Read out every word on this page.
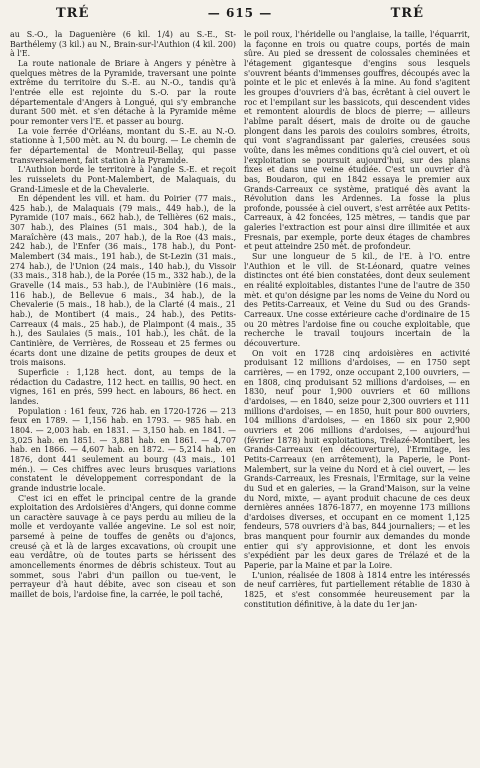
TRÉ	— 615 —	TRÉ

au S.-O., la Daguenière (6 kil. 1/4) au S.-E., St-Barthélemy (3 kil.) au N., Brain-sur-l'Authion (4 kil. 200) à l'E.

La route nationale de Briare à Angers y pénètre à quelques mètres de la Pyramide, traversant une pointe extrême du territoire du S.-E. au N.-O., tandis qu'à l'entrée elle est rejointe du S.-O. par la route départementale d'Angers à Longué, qui s'y embranche durant 500 mèt. et s'en détache à la Pyramide même pour remonter vers l'E. et passer au bourg.

La voie ferrée d'Orléans, montant du S.-E. au N.-O. stationne à 1,500 mèt. au N. du bourg. — Le chemin de fer départemental de Montreuil-Bellay, qui passe transversalement, fait station à la Pyramide.

L'Authion borde le territoire à l'angle S.-E. et reçoit les ruisselets du Pont-Malembert, de Malaquais, du Grand-Limesle et de la Chevalerie.

En dépendent les vill. et ham. du Poirier (77 mais., 425 hab.), de Malaquais (79 mais., 449 hab.), de la Pyramide (107 mais., 662 hab.), de Tellières (62 mais., 307 hab.), des Plaines (51 mais., 304 hab.), de la Maraîchère (43 mais., 207 hab.), de la Roe (43 mais., 242 hab.), de l'Enfer (36 mais., 178 hab.), du Pont-Malembert (34 mais., 191 hab.), de St-Lezin (31 mais., 274 hab.), de l'Union (24 mais., 140 hab.), du Vissoir (33 mais., 318 hab.), de la Porée (15 m., 332 hab.), de la Gravelle (14 mais., 53 hab.), de l'Aubinière (16 mais., 116 hab.), de Bellevue 6 mais., 34 hab.), de la Chevalerie (5 mais., 18 hab.), de la Clarté (4 mais., 21 hab.), de Montibert (4 mais., 24 hab.), des Petits-Carreaux (4 mais., 25 hab.), de Plaimpont (4 mais., 35 h.), des Saulaies (5 mais., 101 hab.), les chât. de la Cantinière, de Verrières, de Rosseau et 25 fermes ou écarts dont une dizaine de petits groupes de deux et trois maisons.

Superficie : 1,128 hect. dont, au temps de la rédaction du Cadastre, 112 hect. en taillis, 90 hect. en vignes, 161 en prés, 599 hect. en labours, 86 hect. en landes.

Population : 161 feux, 726 hab. en 1720-1726 — 213 feux en 1789. — 1,156 hab. en 1793. — 985 hab. en 1804. — 2,003 hab. en 1831. — 3,150 hab. en 1841. — 3,025 hab. en 1851. — 3,881 hab. en 1861. — 4,707 hab. en 1866. — 4,607 hab. en 1872. — 5,214 hab. en 1876, dont 441 seulement au bourg (43 mais., 101 mén.). — Ces chiffres avec leurs brusques variations constatent le développement correspondant de la grande industrie locale.

C'est ici en effet le principal centre de la grande exploitation des Ardoisières d'Angers, qui donne comme un caractère sauvage à ce pays perdu au milieu de la molle et verdoyante vallée angevine. Le sol est noir, parsemé à peine de touffes de genêts ou d'ajoncs, creusé çà et là de larges excavations, où croupit une eau verdâtre, où de toutes parts se hérissent des amoncellements énormes de débris schisteux. Tout au sommet, sous l'abri d'un paillon ou tue-vent, le perrayeur d'à haut débite, avec son ciseau et son maillet de bois, l'ardoise fine, la carrée, le poil taché,

le poil roux, l'héridelle ou l'anglaise, la taille, l'équarrit, la façonne en trois ou quatre coups, portés de main sûre. Au pied se dressent de colossales cheminées et l'étagement gigantesque d'engins sous lesquels s'ouvrent béants d'immenses gouffres, découpés avec la pointe et le pic et enlevés à la mine. Au fond s'agitent les groupes d'ouvriers d'à bas, écrêtant à ciel ouvert le roc et l'empilant sur les bassicots, qui descendent vides et remontent alourdis de blocs de pierre; — ailleurs l'abîme paraît désert, mais de droite ou de gauche plongent dans les parois des couloirs sombres, étroits, qui vont s'agrandissant par galeries, creusées sous voûte, dans les mêmes conditions qu'à ciel ouvert, et où l'exploitation se poursuit aujourd'hui, sur des plans fixes et dans une veine étudiée. C'est un ouvrier d'à bas, Boudaron, qui en 1842 essaya le premier aux Grands-Carreaux ce système, pratiqué dès avant la Révolution dans les Ardennes. La fosse la plus profonde, poussée à ciel ouvert, s'est arrêtée aux Petits-Carreaux, à 42 foncées, 125 mètres, — tandis que par galeries l'extraction est pour ainsi dire illimitée et aux Fresnais, par exemple, porte deux étages de chambres et peut atteindre 250 mèt. de profondeur.

Sur une longueur de 5 kil., de l'E. à l'O. entre l'Authion et le vill. de St-Léonard, quatre veines distinctes ont été bien constatées, dont deux seulement en réalité exploitables, distantes l'une de l'autre de 350 mèt. et qu'on désigne par les noms de Veine du Nord ou des Petits-Carreaux, et Veine du Sud ou des Grands-Carreaux. Une cosse extérieure cache d'ordinaire de 15 ou 20 mètres l'ardoise fine ou couche exploitable, que recherche le travail toujours incertain de la découverture.

On voit en 1728 cinq ardoisières en activité produisant 12 millions d'ardoises, — en 1750 sept carrières, — en 1792, onze occupant 2,100 ouvriers, — en 1808, cinq produisant 52 millions d'ardoises, — en 1830, neuf pour 1,900 ouvriers et 60 millions d'ardoises, — en 1840, seize pour 2,300 ouvriers et 111 millions d'ardoises, — en 1850, huit pour 800 ouvriers, 104 millions d'ardoises, — en 1860 six pour 2,900 ouvriers et 206 millions d'ardoises, — aujourd'hui (février 1878) huit exploitations, Trélazé-Montibert, les Grands-Carreaux (en découverture), l'Ermitage, les Petits-Carreaux (en arrêtement), la Paperie, le Pont-Malembert, sur la veine du Nord et à ciel ouvert, — les Grands-Carreaux, les Fresnais, l'Ermitage, sur la veine du Sud et en galeries, — la Grand'Maison, sur la veine du Nord, mixte, — ayant produit chacune de ces deux dernières années 1876-1877, en moyenne 173 millions d'ardoises diverses, et occupant en ce moment 1,125 fendeurs, 578 ouvriers d'à bas, 844 journaliers; — et les bras manquent pour fournir aux demandes du monde entier qui s'y approvisionne, et dont les envois s'expédient par les deux gares de Trélazé et de la Paperie, par la Maine et par la Loire.

L'union, réalisée de 1808 à 1814 entre les intéressés de neuf carrières, fut partiellement rétablie de 1830 à 1825, et s'est consommée heureusement par la constitution définitive, à la date du 1er jan-
